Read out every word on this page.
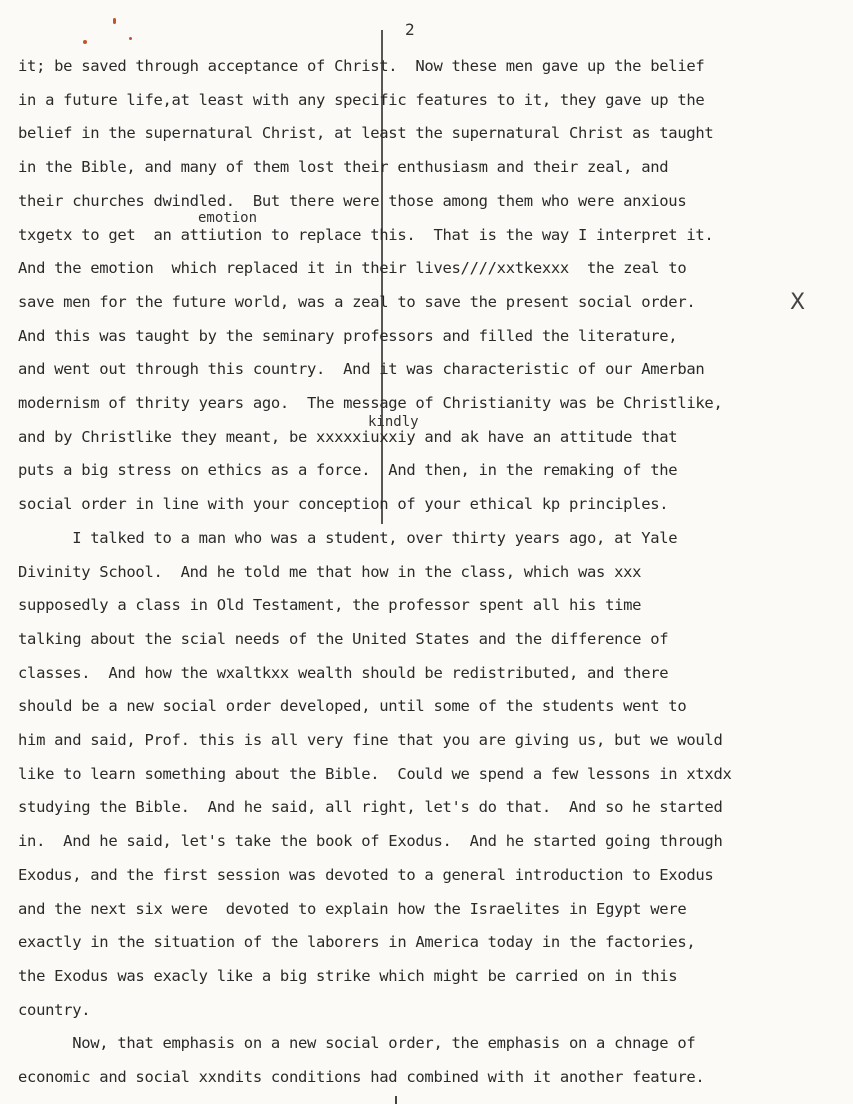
2
emotion
kindly
X
it; be saved through acceptance of Christ.  Now these men gave up the belief
in a future life,at least with any specific features to it, they gave up the
belief in the supernatural Christ, at least the supernatural Christ as taught
in the Bible, and many of them lost their enthusiasm and their zeal, and
their churches dwindled.  But there were those among them who were anxious
txgetx to get  an attiution to replace this.  That is the way I interpret it.
And the emotion  which replaced it in their lives////xxtkexxx  the zeal to
save men for the future world, was a zeal to save the present social order.
And this was taught by the seminary professors and filled the literature,
and went out through this country.  And it was characteristic of our Amerban
modernism of thrity years ago.  The message of Christianity was be Christlike,
and by Christlike they meant, be xxxxxiuxxiy and ak have an attitude that
puts a big stress on ethics as a force.  And then, in the remaking of the
social order in line with your conception of your ethical kp principles.
I talked to a man who was a student, over thirty years ago, at Yale
Divinity School.  And he told me that how in the class, which was xxx
supposedly a class in Old Testament, the professor spent all his time
talking about the scial needs of the United States and the difference of
classes.  And how the wxaltkxx wealth should be redistributed, and there
should be a new social order developed, until some of the students went to
him and said, Prof. this is all very fine that you are giving us, but we would
like to learn something about the Bible.  Could we spend a few lessons in xtxdx
studying the Bible.  And he said, all right, let's do that.  And so he started
in.  And he said, let's take the book of Exodus.  And he started going through
Exodus, and the first session was devoted to a general introduction to Exodus
and the next six were  devoted to explain how the Israelites in Egypt were
exactly in the situation of the laborers in America today in the factories,
the Exodus was exacly like a big strike which might be carried on in this
country.
Now, that emphasis on a new social order, the emphasis on a chnage of
economic and social xxndits conditions had combined with it another feature.
